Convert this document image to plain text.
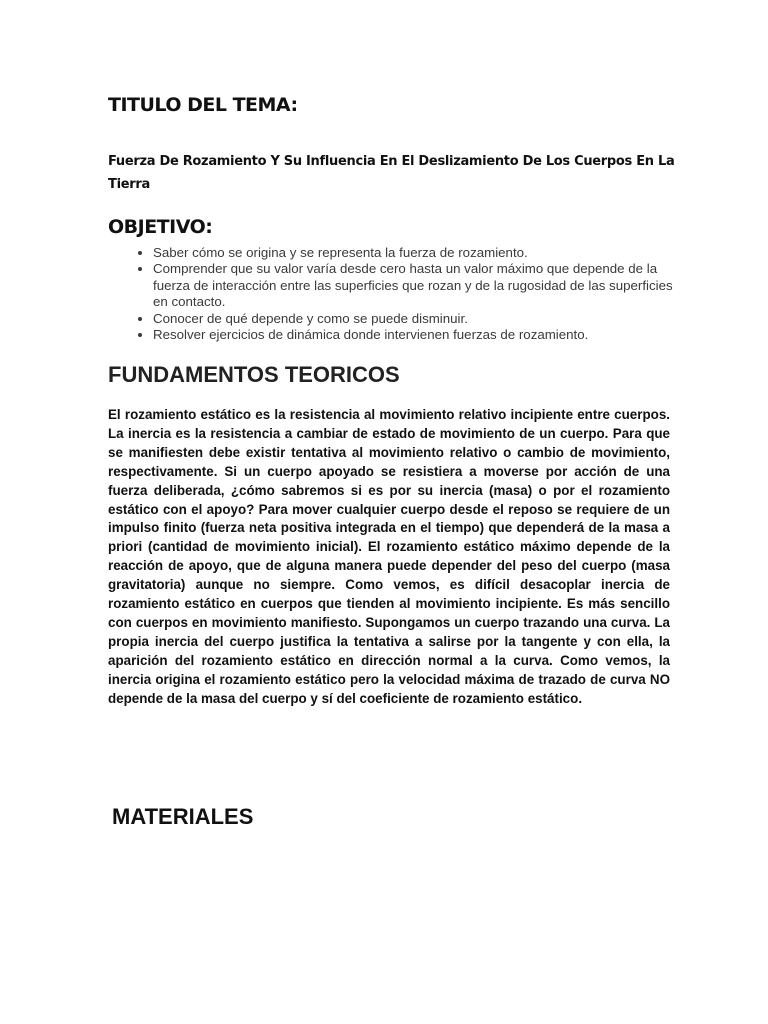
TITULO DEL TEMA:

Fuerza De Rozamiento Y Su Influencia En El Deslizamiento De Los Cuerpos En La Tierra

OBJETIVO:
• Saber cómo se origina y se representa la fuerza de rozamiento.
• Comprender que su valor varía desde cero hasta un valor máximo que depende de la fuerza de interacción entre las superficies que rozan y de la rugosidad de las superficies en contacto.
• Conocer de qué depende y como se puede disminuir.
• Resolver ejercicios de dinámica donde intervienen fuerzas de rozamiento.
FUNDAMENTOS TEORICOS

El rozamiento estático es la resistencia al movimiento relativo incipiente entre cuerpos. La inercia es la resistencia a cambiar de estado de movimiento de un cuerpo. Para que se manifiesten debe existir tentativa al movimiento relativo o cambio de movimiento, respectivamente. Si un cuerpo apoyado se resistiera a moverse por acción de una fuerza deliberada, ¿cómo sabremos si es por su inercia (masa) o por el rozamiento estático con el apoyo? Para mover cualquier cuerpo desde el reposo se requiere de un impulso finito (fuerza neta positiva integrada en el tiempo) que dependerá de la masa a priori (cantidad de movimiento inicial). El rozamiento estático máximo depende de la reacción de apoyo, que de alguna manera puede depender del peso del cuerpo (masa gravitatoria) aunque no siempre. Como vemos, es difícil desacoplar inercia de rozamiento estático en cuerpos que tienden al movimiento incipiente. Es más sencillo con cuerpos en movimiento manifiesto. Supongamos un cuerpo trazando una curva. La propia inercia del cuerpo justifica la tentativa a salirse por la tangente y con ella, la aparición del rozamiento estático en dirección normal a la curva. Como vemos, la inercia origina el rozamiento estático pero la velocidad máxima de trazado de curva NO depende de la masa del cuerpo y sí del coeficiente de rozamiento estático.

MATERIALES
